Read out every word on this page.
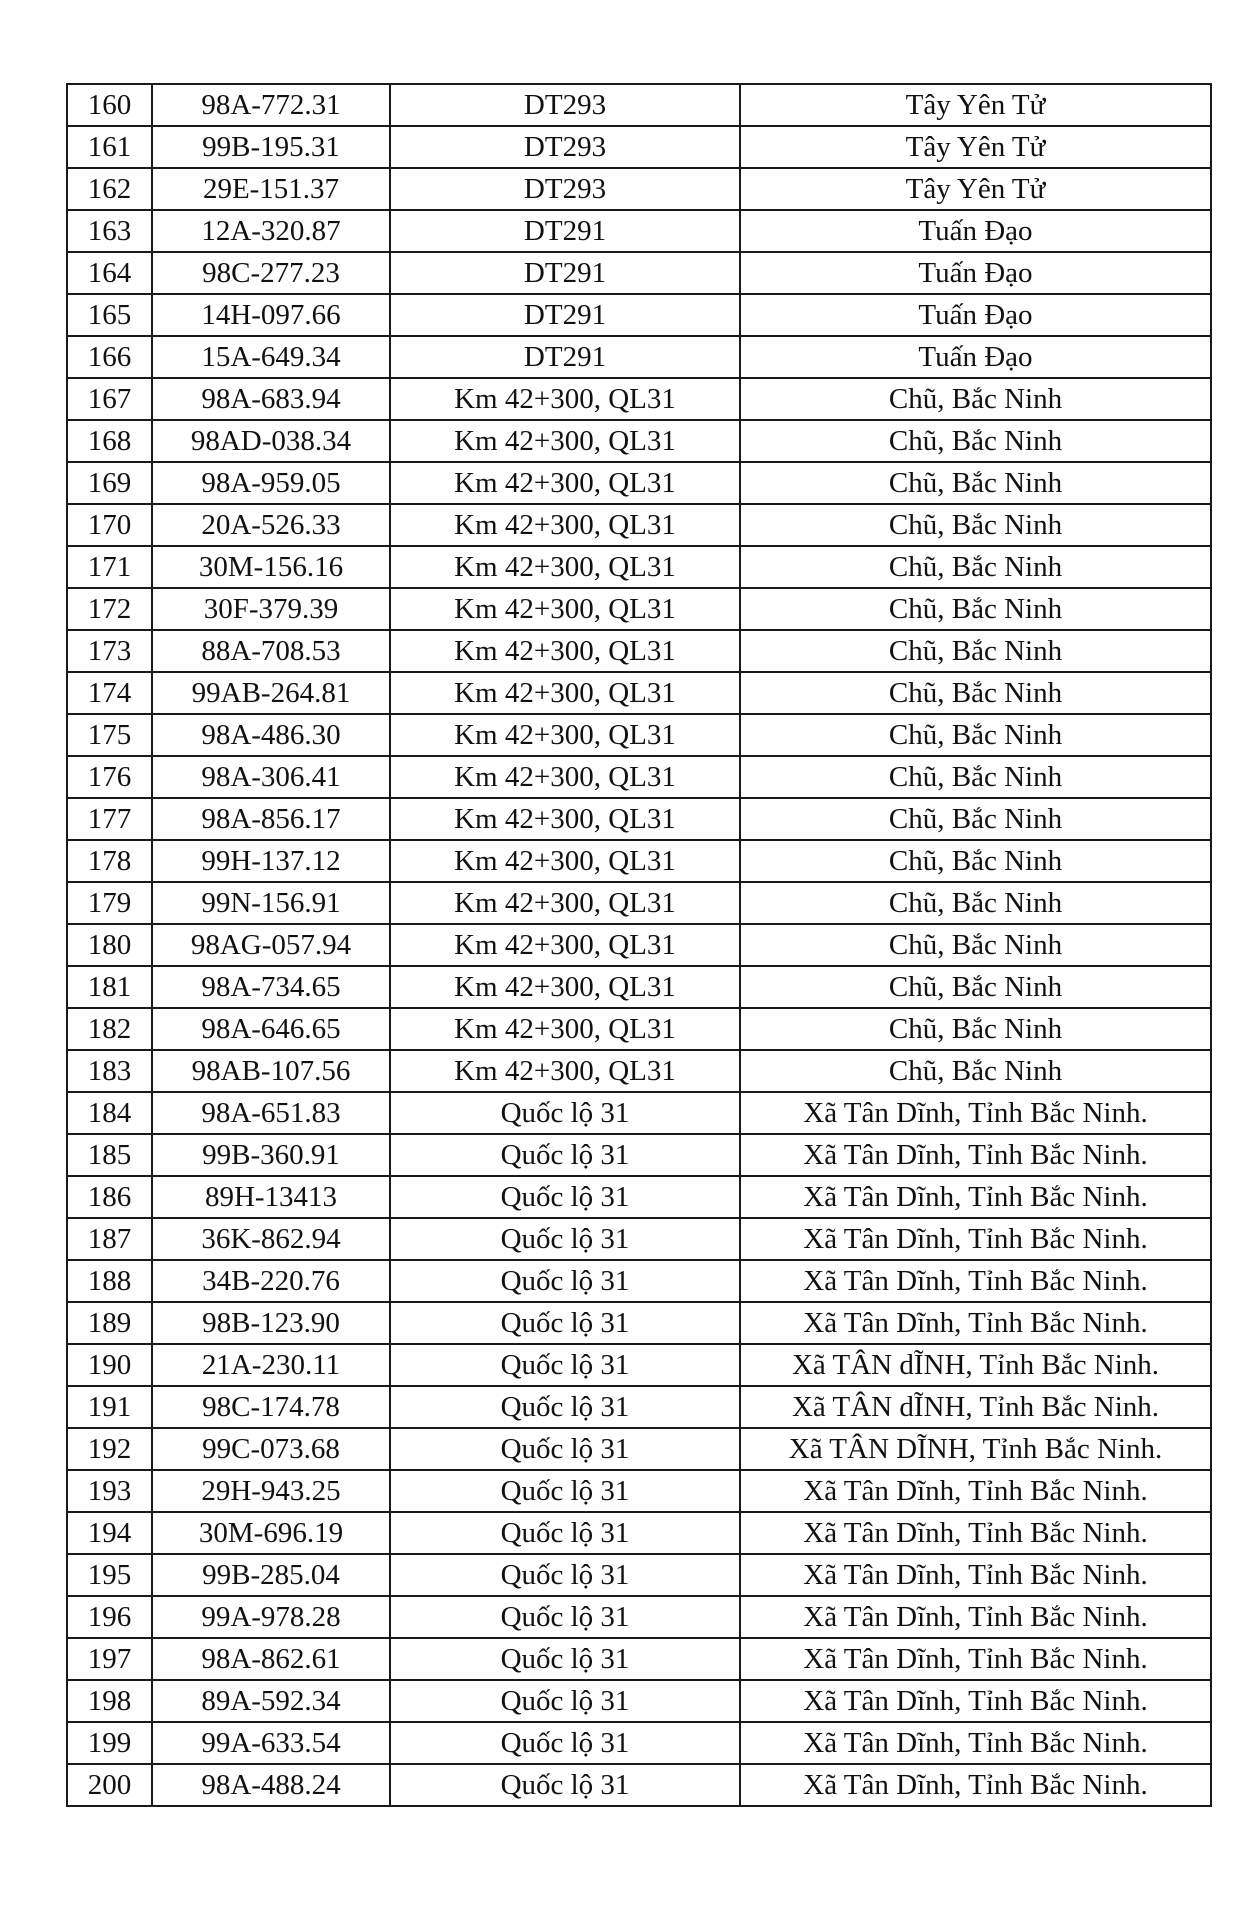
160	98A-772.31	DT293	Tây Yên Tử
161	99B-195.31	DT293	Tây Yên Tử
162	29E-151.37	DT293	Tây Yên Tử
163	12A-320.87	DT291	Tuấn Đạo
164	98C-277.23	DT291	Tuấn Đạo
165	14H-097.66	DT291	Tuấn Đạo
166	15A-649.34	DT291	Tuấn Đạo
167	98A-683.94	Km 42+300, QL31	Chũ, Bắc Ninh
168	98AD-038.34	Km 42+300, QL31	Chũ, Bắc Ninh
169	98A-959.05	Km 42+300, QL31	Chũ, Bắc Ninh
170	20A-526.33	Km 42+300, QL31	Chũ, Bắc Ninh
171	30M-156.16	Km 42+300, QL31	Chũ, Bắc Ninh
172	30F-379.39	Km 42+300, QL31	Chũ, Bắc Ninh
173	88A-708.53	Km 42+300, QL31	Chũ, Bắc Ninh
174	99AB-264.81	Km 42+300, QL31	Chũ, Bắc Ninh
175	98A-486.30	Km 42+300, QL31	Chũ, Bắc Ninh
176	98A-306.41	Km 42+300, QL31	Chũ, Bắc Ninh
177	98A-856.17	Km 42+300, QL31	Chũ, Bắc Ninh
178	99H-137.12	Km 42+300, QL31	Chũ, Bắc Ninh
179	99N-156.91	Km 42+300, QL31	Chũ, Bắc Ninh
180	98AG-057.94	Km 42+300, QL31	Chũ, Bắc Ninh
181	98A-734.65	Km 42+300, QL31	Chũ, Bắc Ninh
182	98A-646.65	Km 42+300, QL31	Chũ, Bắc Ninh
183	98AB-107.56	Km 42+300, QL31	Chũ, Bắc Ninh
184	98A-651.83	Quốc lộ 31	Xã Tân Dĩnh, Tỉnh Bắc Ninh.
185	99B-360.91	Quốc lộ 31	Xã Tân Dĩnh, Tỉnh Bắc Ninh.
186	89H-13413	Quốc lộ 31	Xã Tân Dĩnh, Tỉnh Bắc Ninh.
187	36K-862.94	Quốc lộ 31	Xã Tân Dĩnh, Tỉnh Bắc Ninh.
188	34B-220.76	Quốc lộ 31	Xã Tân Dĩnh, Tỉnh Bắc Ninh.
189	98B-123.90	Quốc lộ 31	Xã Tân Dĩnh, Tỉnh Bắc Ninh.
190	21A-230.11	Quốc lộ 31	Xã TÂN dĨNH, Tỉnh Bắc Ninh.
191	98C-174.78	Quốc lộ 31	Xã TÂN dĨNH, Tỉnh Bắc Ninh.
192	99C-073.68	Quốc lộ 31	Xã TÂN DĨNH, Tỉnh Bắc Ninh.
193	29H-943.25	Quốc lộ 31	Xã Tân Dĩnh, Tỉnh Bắc Ninh.
194	30M-696.19	Quốc lộ 31	Xã Tân Dĩnh, Tỉnh Bắc Ninh.
195	99B-285.04	Quốc lộ 31	Xã Tân Dĩnh, Tỉnh Bắc Ninh.
196	99A-978.28	Quốc lộ 31	Xã Tân Dĩnh, Tỉnh Bắc Ninh.
197	98A-862.61	Quốc lộ 31	Xã Tân Dĩnh, Tỉnh Bắc Ninh.
198	89A-592.34	Quốc lộ 31	Xã Tân Dĩnh, Tỉnh Bắc Ninh.
199	99A-633.54	Quốc lộ 31	Xã Tân Dĩnh, Tỉnh Bắc Ninh.
200	98A-488.24	Quốc lộ 31	Xã Tân Dĩnh, Tỉnh Bắc Ninh.
